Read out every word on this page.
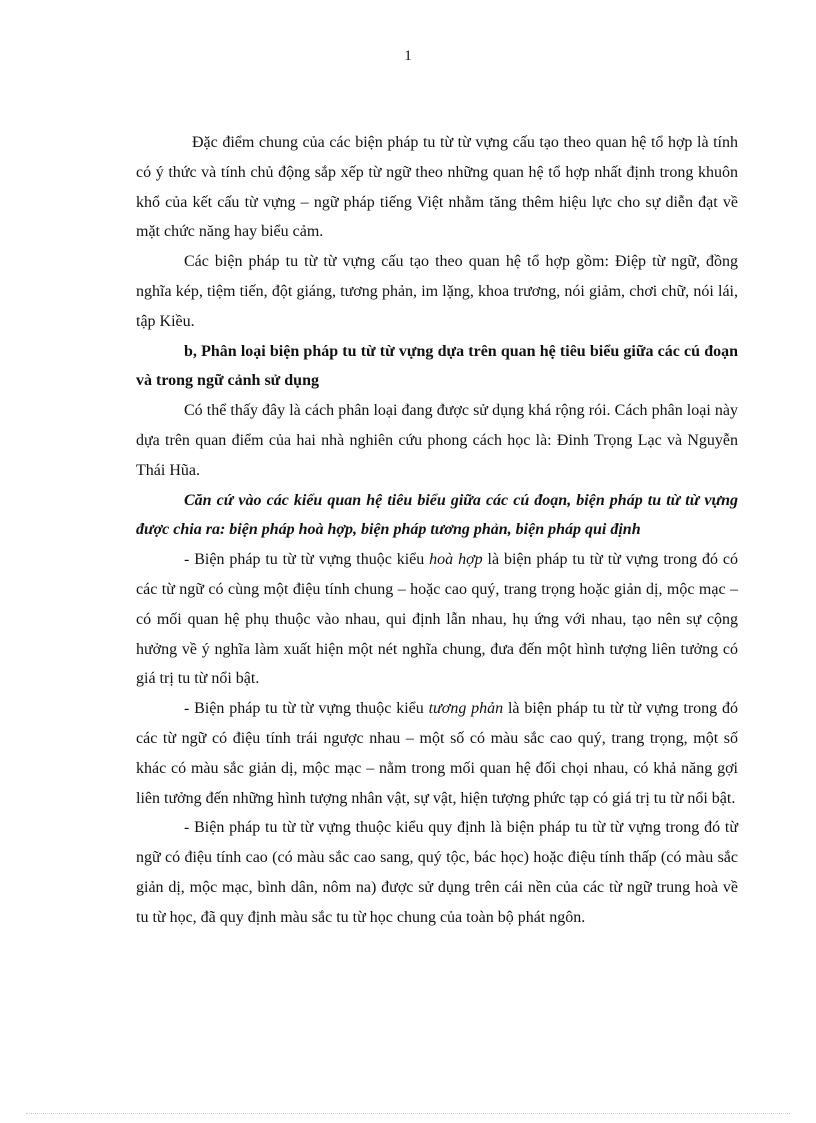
1

Đặc điểm chung của các biện pháp tu từ từ vựng cấu tạo theo quan hệ tổ hợp là tính có ý thức và tính chủ động sắp xếp từ ngữ theo những quan hệ tổ hợp nhất định trong khuôn khổ của kết cấu từ vựng – ngữ pháp tiếng Việt nhằm tăng thêm hiệu lực cho sự diễn đạt về mặt chức năng hay biểu cảm.

Các biện pháp tu từ từ vựng cấu tạo theo quan hệ tổ hợp gồm: Điệp từ ngữ, đồng nghĩa kép, tiệm tiến, đột giáng, tương phản, im lặng, khoa trương, nói giảm, chơi chữ, nói lái, tập Kiều.

b, Phân loại biện pháp tu từ từ vựng dựa trên quan hệ tiêu biểu giữa các cú đoạn và trong ngữ cảnh sử dụng

Có thể thấy đây là cách phân loại đang được sử dụng khá rộng rói. Cách phân loại này dựa trên quan điểm của hai nhà nghiên cứu phong cách học là: Đinh Trọng Lạc và Nguyễn Thái Hũa.

Căn cứ vào các kiểu quan hệ tiêu biểu giữa các cú đoạn, biện pháp tu từ từ vựng được chia ra: biện pháp hoà hợp, biện pháp tương phản, biện pháp qui định

- Biện pháp tu từ từ vựng thuộc kiểu hoà hợp là biện pháp tu từ từ vựng trong đó có các từ ngữ có cùng một điệu tính chung – hoặc cao quý, trang trọng hoặc giản dị, mộc mạc – có mối quan hệ phụ thuộc vào nhau, qui định lẫn nhau, hụ ứng với nhau, tạo nên sự cộng hưởng về ý nghĩa làm xuất hiện một nét nghĩa chung, đưa đến một hình tượng liên tưởng có giá trị tu từ nổi bật.

- Biện pháp tu từ từ vựng thuộc kiểu tương phản là biện pháp tu từ từ vựng trong đó các từ ngữ có điệu tính trái ngược nhau – một số có màu sắc cao quý, trang trọng, một số khác có màu sắc giản dị, mộc mạc – nằm trong mối quan hệ đối chọi nhau, có khả năng gợi liên tưởng đến những hình tượng nhân vật, sự vật, hiện tượng phức tạp có giá trị tu từ nổi bật.

- Biện pháp tu từ từ vựng thuộc kiểu quy định là biện pháp tu từ từ vựng trong đó từ ngữ có điệu tính cao (có màu sắc cao sang, quý tộc, bác học) hoặc điệu tính thấp (có màu sắc giản dị, mộc mạc, bình dân, nôm na) được sử dụng trên cái nền của các từ ngữ trung hoà về tu từ học, đã quy định màu sắc tu từ học chung của toàn bộ phát ngôn.
